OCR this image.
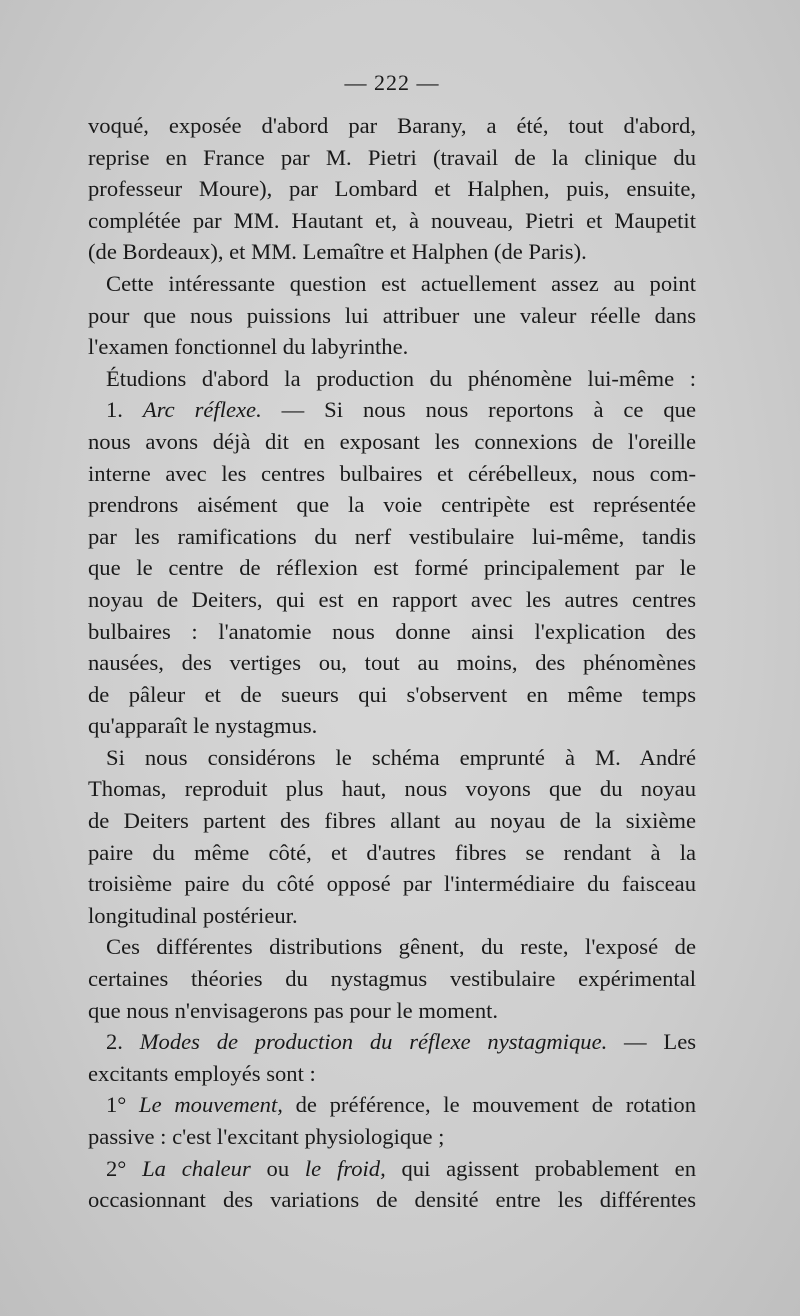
— 222 —
voqué, exposée d'abord par Barany, a été, tout d'abord,
reprise en France par M. Pietri (travail de la clinique du
professeur Moure), par Lombard et Halphen, puis, ensuite,
complétée par MM. Hautant et, à nouveau, Pietri et Maupetit
(de Bordeaux), et MM. Lemaître et Halphen (de Paris).
Cette intéressante question est actuellement assez au point
pour que nous puissions lui attribuer une valeur réelle dans
l'examen fonctionnel du labyrinthe.
Étudions d'abord la production du phénomène lui-même :
1. Arc réflexe. — Si nous nous reportons à ce que
nous avons déjà dit en exposant les connexions de l'oreille
interne avec les centres bulbaires et cérébelleux, nous com-
prendrons aisément que la voie centripète est représentée
par les ramifications du nerf vestibulaire lui-même, tandis
que le centre de réflexion est formé principalement par le
noyau de Deiters, qui est en rapport avec les autres centres
bulbaires : l'anatomie nous donne ainsi l'explication des
nausées, des vertiges ou, tout au moins, des phénomènes
de pâleur et de sueurs qui s'observent en même temps
qu'apparaît le nystagmus.
Si nous considérons le schéma emprunté à M. André
Thomas, reproduit plus haut, nous voyons que du noyau
de Deiters partent des fibres allant au noyau de la sixième
paire du même côté, et d'autres fibres se rendant à la
troisième paire du côté opposé par l'intermédiaire du faisceau
longitudinal postérieur.
Ces différentes distributions gênent, du reste, l'exposé de
certaines théories du nystagmus vestibulaire expérimental
que nous n'envisagerons pas pour le moment.
2. Modes de production du réflexe nystagmique. — Les
excitants employés sont :
1° Le mouvement, de préférence, le mouvement de rotation
passive : c'est l'excitant physiologique ;
2° La chaleur ou le froid, qui agissent probablement en
occasionnant des variations de densité entre les différentes
